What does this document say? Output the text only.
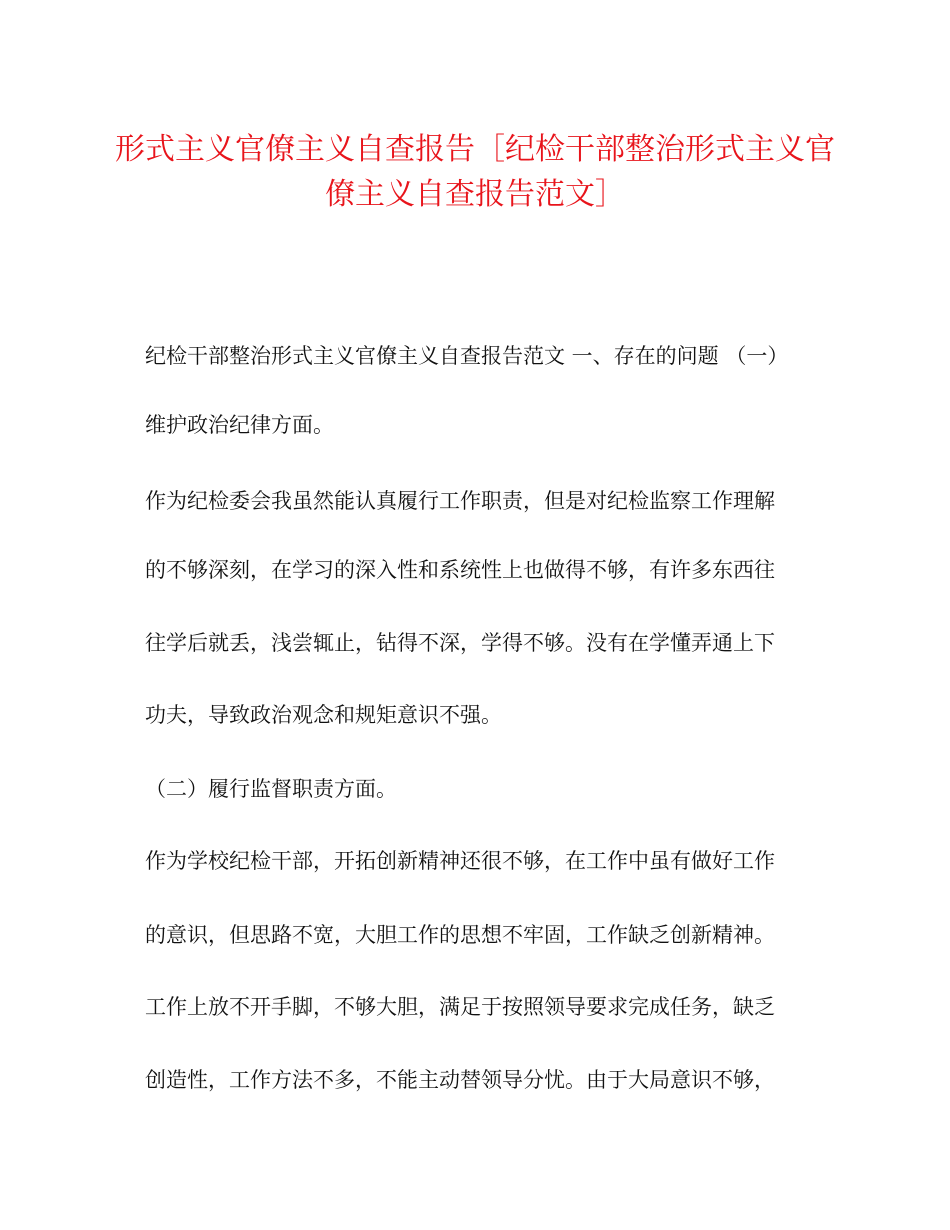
形式主义官僚主义自查报告［纪检干部整治形式主义官
僚主义自查报告范文］
纪检干部整治形式主义官僚主义自查报告范文 一、存在的问题 （一）
维护政治纪律方面。
作为纪检委会我虽然能认真履行工作职责，但是对纪检监察工作理解
的不够深刻，在学习的深入性和系统性上也做得不够，有许多东西往
往学后就丢，浅尝辄止，钻得不深，学得不够。没有在学懂弄通上下
功夫，导致政治观念和规矩意识不强。
（二）履行监督职责方面。
作为学校纪检干部，开拓创新精神还很不够，在工作中虽有做好工作
的意识，但思路不宽，大胆工作的思想不牢固，工作缺乏创新精神。
工作上放不开手脚，不够大胆，满足于按照领导要求完成任务，缺乏
创造性，工作方法不多，不能主动替领导分忧。由于大局意识不够，
